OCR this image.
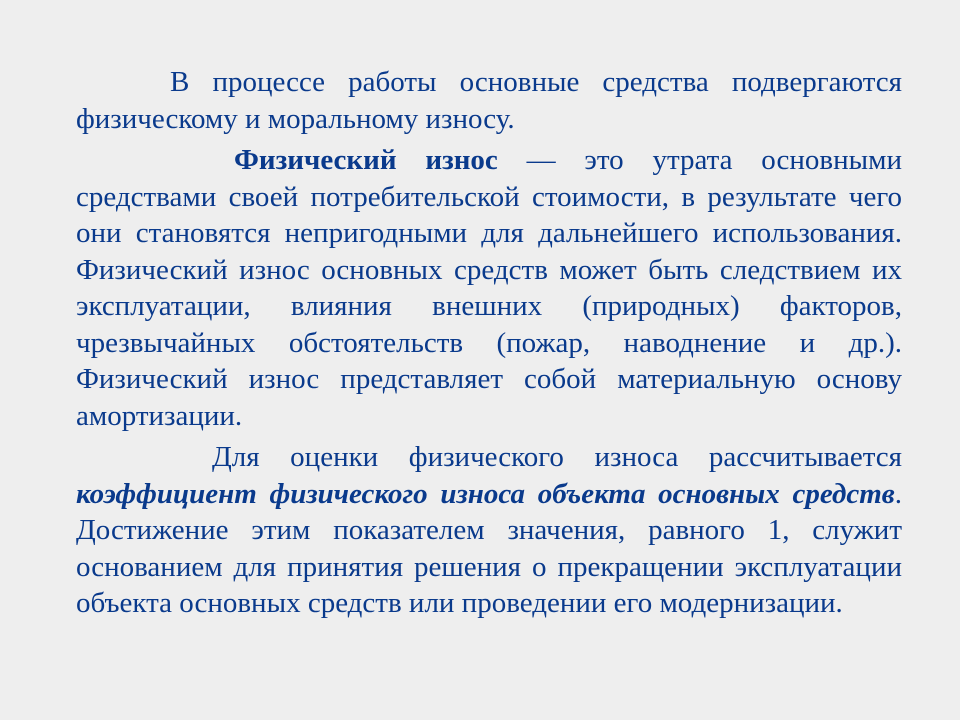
В процессе работы основные средства подвергаются физическому и моральному износу.

Физический износ — это утрата основными средствами своей потребительской стоимости, в результате чего они становятся непригодными для дальнейшего использования. Физический износ основных средств может быть следствием их эксплуатации, влияния внешних (природных) факторов, чрезвычайных обстоятельств (пожар, наводнение и др.). Физический износ представляет собой материальную основу амортизации.

Для оценки физического износа рассчитывается коэффициент физического износа объекта основных средств. Достижение этим показателем значения, равного 1, служит основанием для принятия решения о прекращении эксплуатации объекта основных средств или проведении его модернизации.
